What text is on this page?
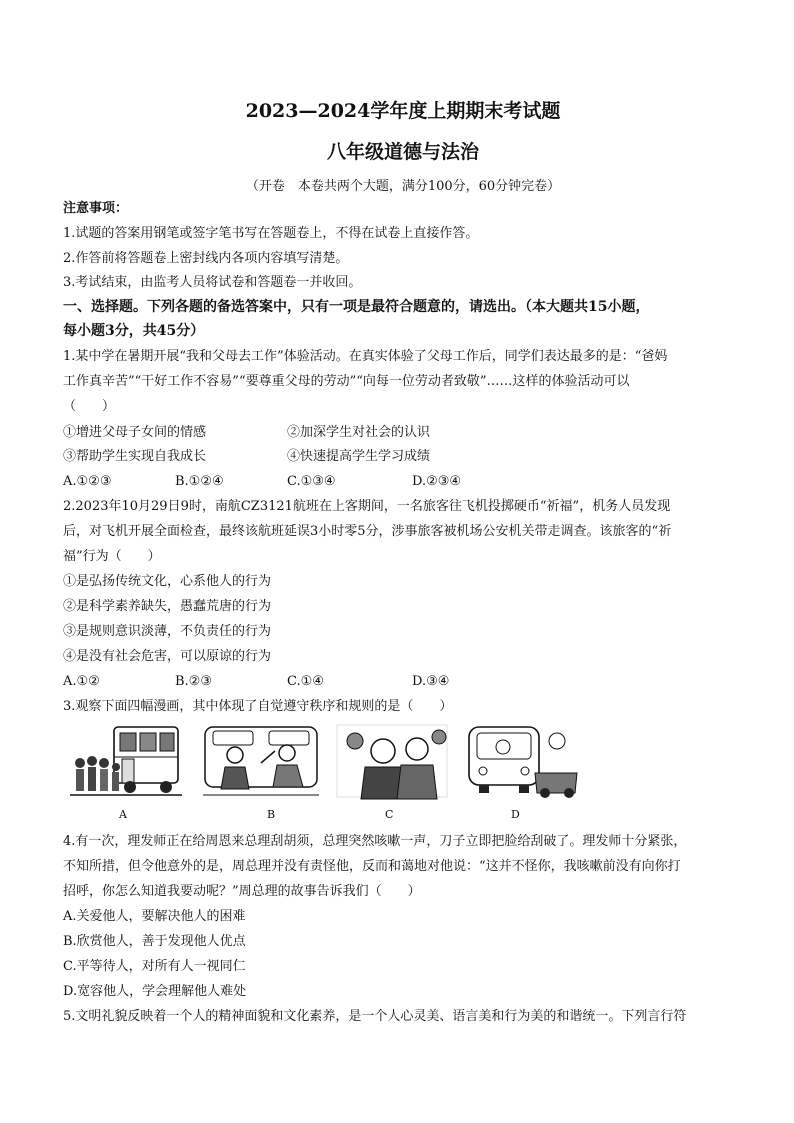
2023—2024学年度上期期末考试题
八年级道德与法治
（开卷　本卷共两个大题，满分100分，60分钟完卷）
注意事项：
1.试题的答案用钢笔或签字笔书写在答题卷上，不得在试卷上直接作答。
2.作答前将答题卷上密封线内各项内容填写清楚。
3.考试结束，由监考人员将试卷和答题卷一并收回。
一、选择题。下列各题的备选答案中，只有一项是最符合题意的，请选出。（本大题共15小题，
每小题3分，共45分）
1.某中学在暑期开展“我和父母去工作”体验活动。在真实体验了父母工作后，同学们表达最多的是：“爸妈
工作真辛苦”“干好工作不容易”“要尊重父母的劳动”“向每一位劳动者致敬”……这样的体验活动可以
（　　）
①增进父母子女间的情感	②加深学生对社会的认识
③帮助学生实现自我成长	④快速提高学生学习成绩
A.①②③	B.①②④	C.①③④	D.②③④
2.2023年10月29日9时，南航CZ3121航班在上客期间，一名旅客往飞机投掷硬币“祈福”，机务人员发现
后，对飞机开展全面检查，最终该航班延误3小时零5分，涉事旅客被机场公安机关带走调查。该旅客的“祈
福”行为（　　）
①是弘扬传统文化，心系他人的行为
②是科学素养缺失，愚蠢荒唐的行为
③是规则意识淡薄，不负责任的行为
④是没有社会危害，可以原谅的行为
A.①②	B.②③	C.①④	D.③④
3.观察下面四幅漫画，其中体现了自觉遵守秩序和规则的是（　　）
A	B	C	D
4.有一次，理发师正在给周恩来总理刮胡须，总理突然咳嗽一声，刀子立即把脸给刮破了。理发师十分紧张，
不知所措，但令他意外的是，周总理并没有责怪他，反而和蔼地对他说：“这并不怪你，我咳嗽前没有向你打
招呼，你怎么知道我要动呢？”周总理的故事告诉我们（　　）
A.关爱他人，要解决他人的困难
B.欣赏他人，善于发现他人优点
C.平等待人，对所有人一视同仁
D.宽容他人，学会理解他人难处
5.文明礼貌反映着一个人的精神面貌和文化素养，是一个人心灵美、语言美和行为美的和谐统一。下列言行符
